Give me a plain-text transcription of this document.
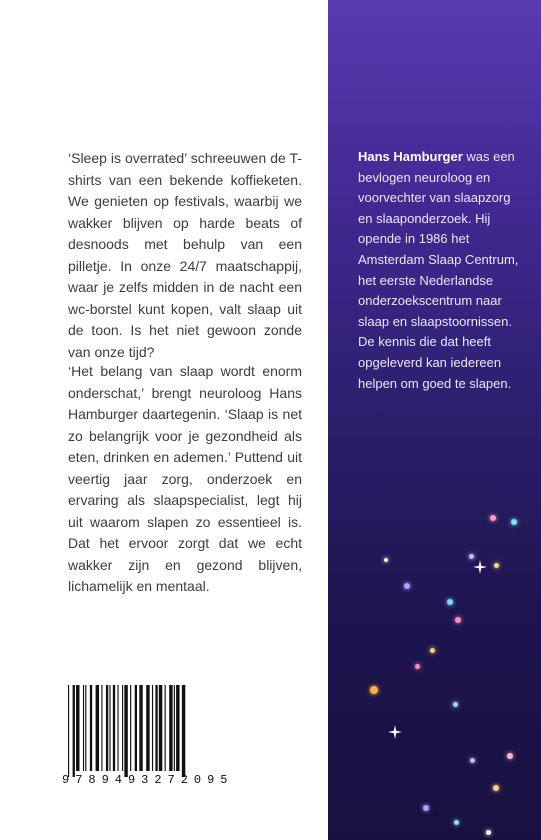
‘Sleep is overrated’ schreeuwen de T-shirts van een bekende koffieketen. We genieten op festivals, waarbij we wakker blijven op harde beats of desnoods met behulp van een pilletje. In onze 24/7 maatschappij, waar je zelfs midden in de nacht een wc-borstel kunt kopen, valt slaap uit de toon. Is het niet gewoon zonde van onze tijd?

‘Het belang van slaap wordt enorm onderschat,’ brengt neuroloog Hans Hamburger daartegenin. ‘Slaap is net zo belangrijk voor je gezondheid als eten, drinken en ademen.’ Puttend uit veertig jaar zorg, onderzoek en ervaring als slaapspecialist, legt hij uit waarom slapen zo essentieel is. Dat het ervoor zorgt dat we echt wakker zijn en gezond blijven, lichamelijk en mentaal.

9 7 8 9 4 9 3 2 7 2 0 9 5

Hans Hamburger was een bevlogen neuroloog en voorvechter van slaapzorg en slaaponderzoek. Hij opende in 1986 het Amsterdam Slaap Centrum, het eerste Nederlandse onderzoekscentrum naar slaap en slaapstoornissen. De kennis die dat heeft opgeleverd kan iedereen helpen om goed te slapen.
